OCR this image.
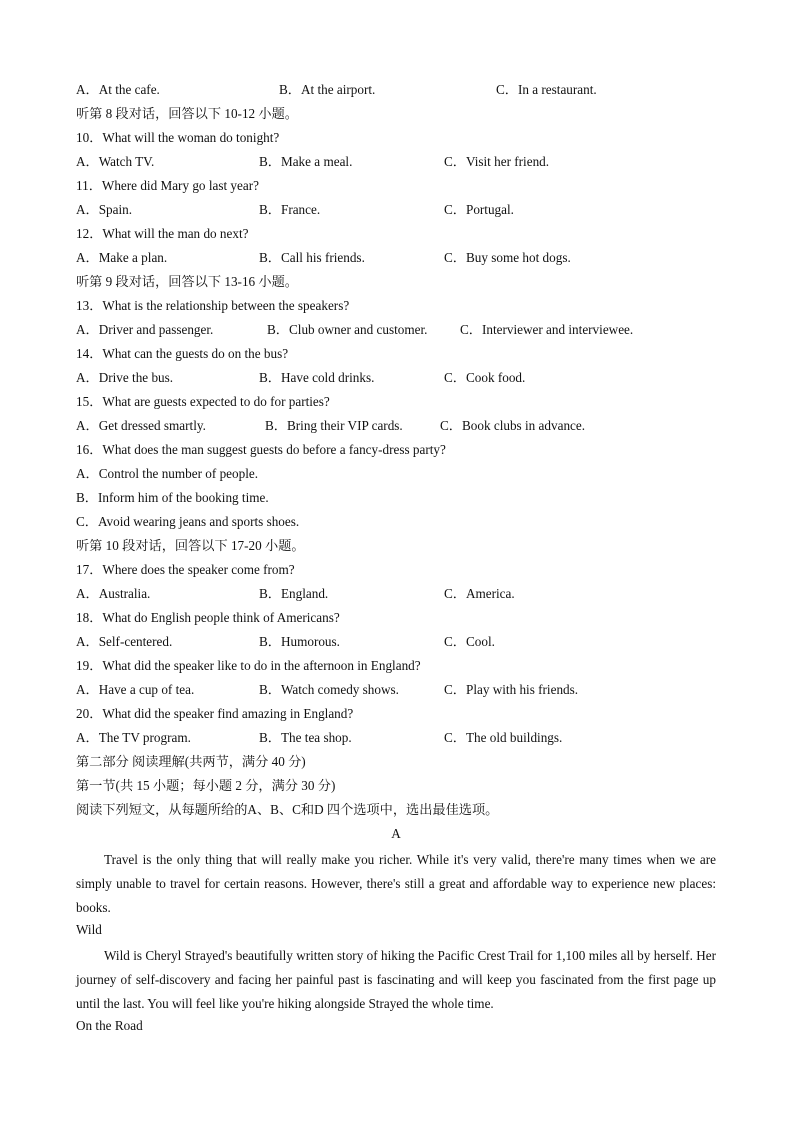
A．At the cafe.	B．At the airport.	C．In a restaurant.
听第 8 段对话，回答以下 10-12 小题。
10．What will the woman do tonight?
A．Watch TV.	B．Make a meal.	C．Visit her friend.
11．Where did Mary go last year?
A．Spain.	B．France.	C．Portugal.
12．What will the man do next?
A．Make a plan.	B．Call his friends.	C．Buy some hot dogs.
听第 9 段对话，回答以下 13-16 小题。
13．What is the relationship between the speakers?
A．Driver and passenger.	B．Club owner and customer. C．Interviewer and interviewee.
14．What can the guests do on the bus?
A．Drive the bus.	B．Have cold drinks.	C．Cook food.
15．What are guests expected to do for parties?
A．Get dressed smartly.	B．Bring their VIP cards.	C．Book clubs in advance.
16．What does the man suggest guests do before a fancy-dress party?
A．Control the number of people.
B．Inform him of the booking time.
C．Avoid wearing jeans and sports shoes.
听第 10 段对话，回答以下 17-20 小题。
17．Where does the speaker come from?
A．Australia.	B．England.	C．America.
18．What do English people think of Americans?
A．Self-centered.	B．Humorous.	C．Cool.
19．What did the speaker like to do in the afternoon in England?
A．Have a cup of tea.	B．Watch comedy shows.	C．Play with his friends.
20．What did the speaker find amazing in England?
A．The TV program.	B．The tea shop.	C．The old buildings.
第二部分 阅读理解(共两节，满分 40 分)
第一节(共 15 小题；每小题 2 分，满分 30 分)
阅读下列短文，从每题所给的A、B、C和D 四个选项中，选出最佳选项。
A

Travel is the only thing that will really make you richer. While it's very valid, there're many times when we are simply unable to travel for certain reasons. However, there's still a great and affordable way to experience new places: books.

Wild

Wild is Cheryl Strayed's beautifully written story of hiking the Pacific Crest Trail for 1,100 miles all by herself. Her journey of self-discovery and facing her painful past is fascinating and will keep you fascinated from the first page up until the last. You will feel like you're hiking alongside Strayed the whole time.

On the Road
